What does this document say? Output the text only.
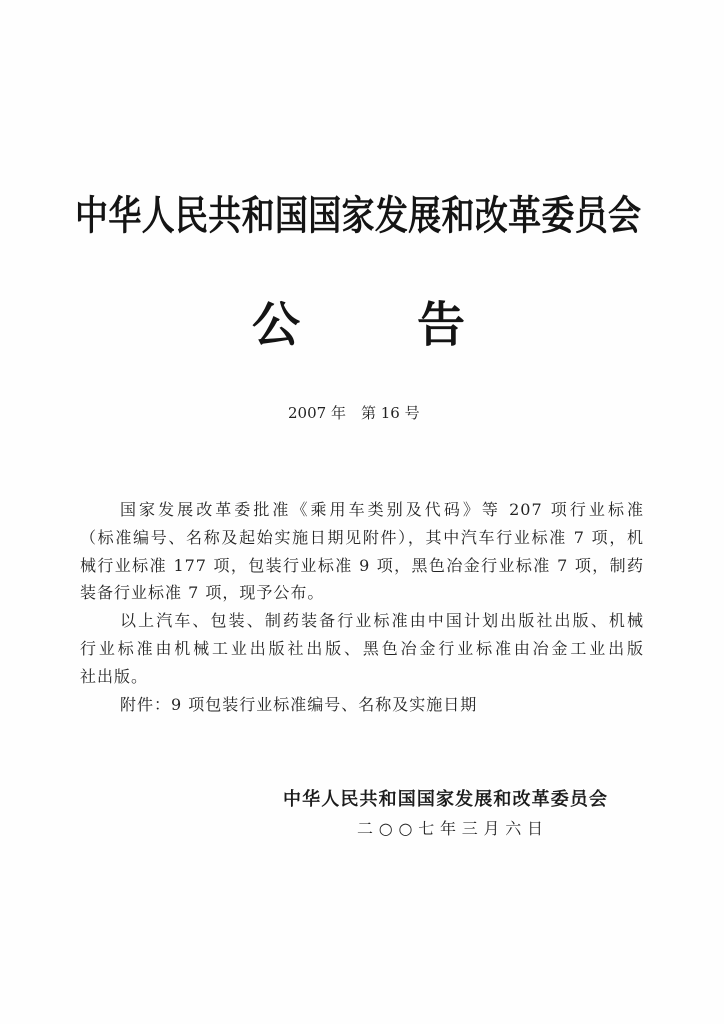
中华人民共和国国家发展和改革委员会
公　　告
2007 年　第 16 号
国家发展改革委批准《乘用车类别及代码》等 207 项行业标准
（标准编号、名称及起始实施日期见附件），其中汽车行业标准 7 项，机
械行业标准 177 项，包装行业标准 9 项，黑色冶金行业标准 7 项，制药
装备行业标准 7 项，现予公布。
以上汽车、包装、制药装备行业标准由中国计划出版社出版、机械
行业标准由机械工业出版社出版、黑色冶金行业标准由冶金工业出版
社出版。
附件：9 项包装行业标准编号、名称及实施日期
中华人民共和国国家发展和改革委员会
二○○七年三月六日
